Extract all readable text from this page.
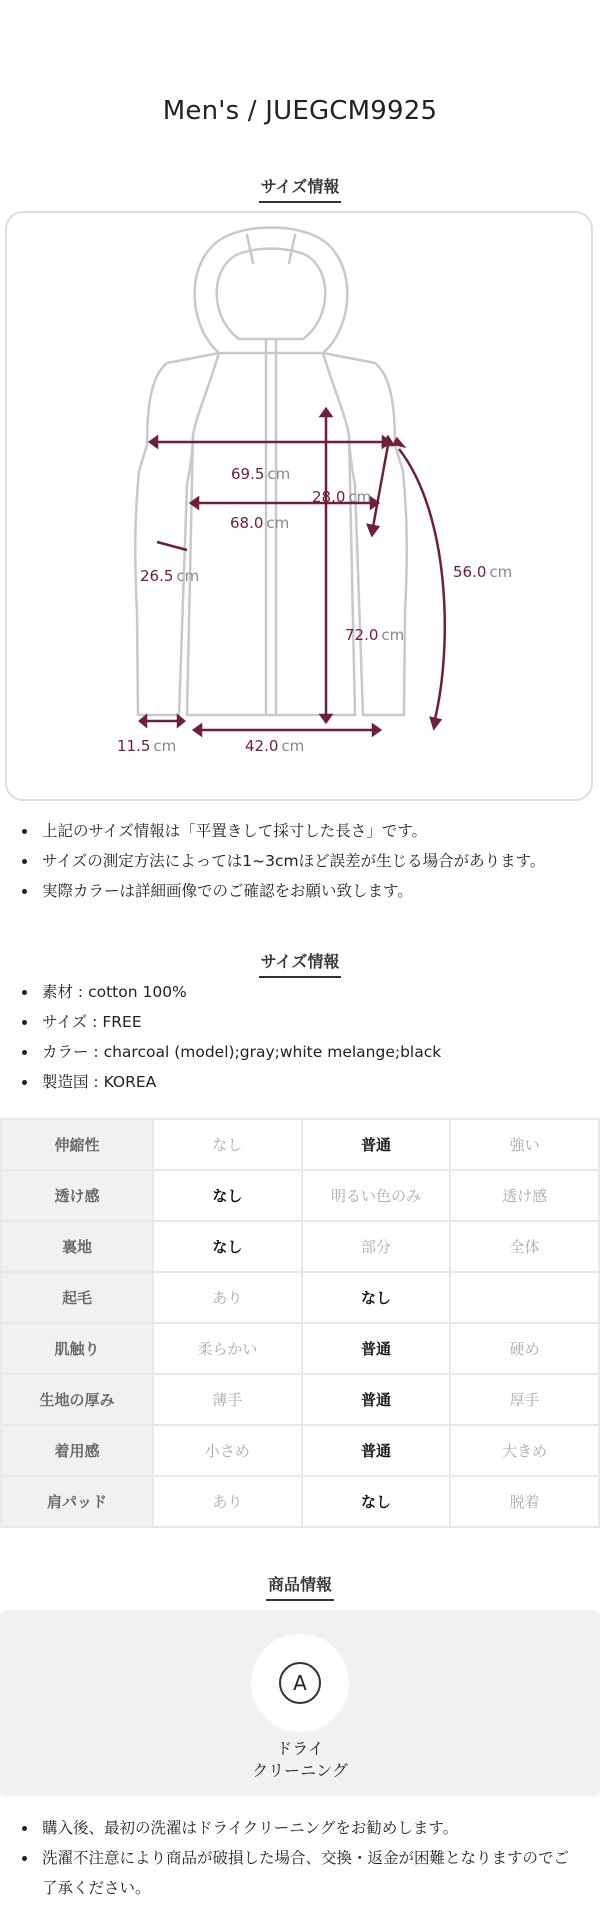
Men's / JUEGCM9925
サイズ情報
69.5 cm
28.0 cm
68.0 cm
26.5 cm	56.0 cm
72.0 cm
11.5 cm	42.0 cm
上記のサイズ情報は「平置きして採寸した長さ」です。
サイズの測定方法によっては1~3cmほど誤差が生じる場合があります。
実際カラーは詳細画像でのご確認をお願い致します。
サイズ情報
素材 : cotton 100%
サイズ : FREE
カラー : charcoal (model);gray;white melange;black
製造国 : KOREA
伸縮性	なし	普通	強い
透け感	なし	明るい色のみ	透け感
裏地	なし	部分	全体
起毛	あり	なし	
肌触り	柔らかい	普通	硬め
生地の厚み	薄手	普通	厚手
着用感	小さめ	普通	大きめ
肩パッド	あり	なし	脱着
商品情報
A
ドライ
クリーニング
購入後、最初の洗濯はドライクリーニングをお勧めします。
洗濯不注意により商品が破損した場合、交換・返金が困難となりますのでご了承ください。
